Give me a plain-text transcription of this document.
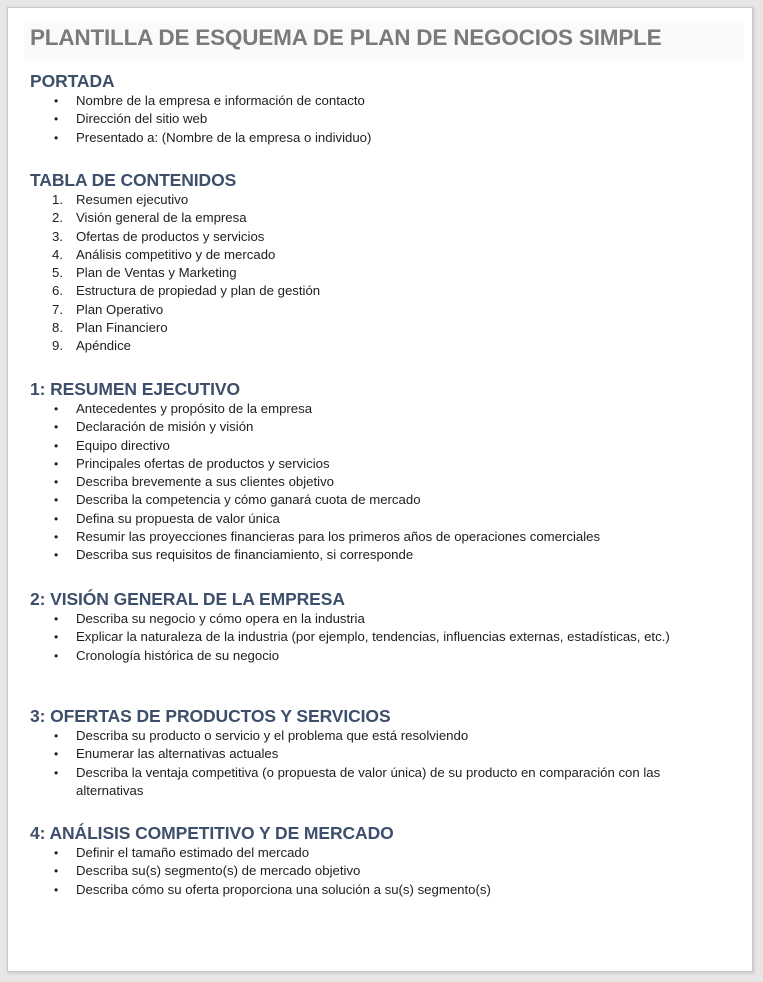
PLANTILLA DE ESQUEMA DE PLAN DE NEGOCIOS SIMPLE
PORTADA
• Nombre de la empresa e información de contacto
• Dirección del sitio web
• Presentado a: (Nombre de la empresa o individuo)
TABLA DE CONTENIDOS
1. Resumen ejecutivo
2. Visión general de la empresa
3. Ofertas de productos y servicios
4. Análisis competitivo y de mercado
5. Plan de Ventas y Marketing
6. Estructura de propiedad y plan de gestión
7. Plan Operativo
8. Plan Financiero
9. Apéndice
1: RESUMEN EJECUTIVO
• Antecedentes y propósito de la empresa
• Declaración de misión y visión
• Equipo directivo
• Principales ofertas de productos y servicios
• Describa brevemente a sus clientes objetivo
• Describa la competencia y cómo ganará cuota de mercado
• Defina su propuesta de valor única
• Resumir las proyecciones financieras para los primeros años de operaciones comerciales
• Describa sus requisitos de financiamiento, si corresponde
2: VISIÓN GENERAL DE LA EMPRESA
• Describa su negocio y cómo opera en la industria
• Explicar la naturaleza de la industria (por ejemplo, tendencias, influencias externas, estadísticas, etc.)
• Cronología histórica de su negocio
3: OFERTAS DE PRODUCTOS Y SERVICIOS
• Describa su producto o servicio y el problema que está resolviendo
• Enumerar las alternativas actuales
• Describa la ventaja competitiva (o propuesta de valor única) de su producto en comparación con las alternativas
4: ANÁLISIS COMPETITIVO Y DE MERCADO
• Definir el tamaño estimado del mercado
• Describa su(s) segmento(s) de mercado objetivo
• Describa cómo su oferta proporciona una solución a su(s) segmento(s)
